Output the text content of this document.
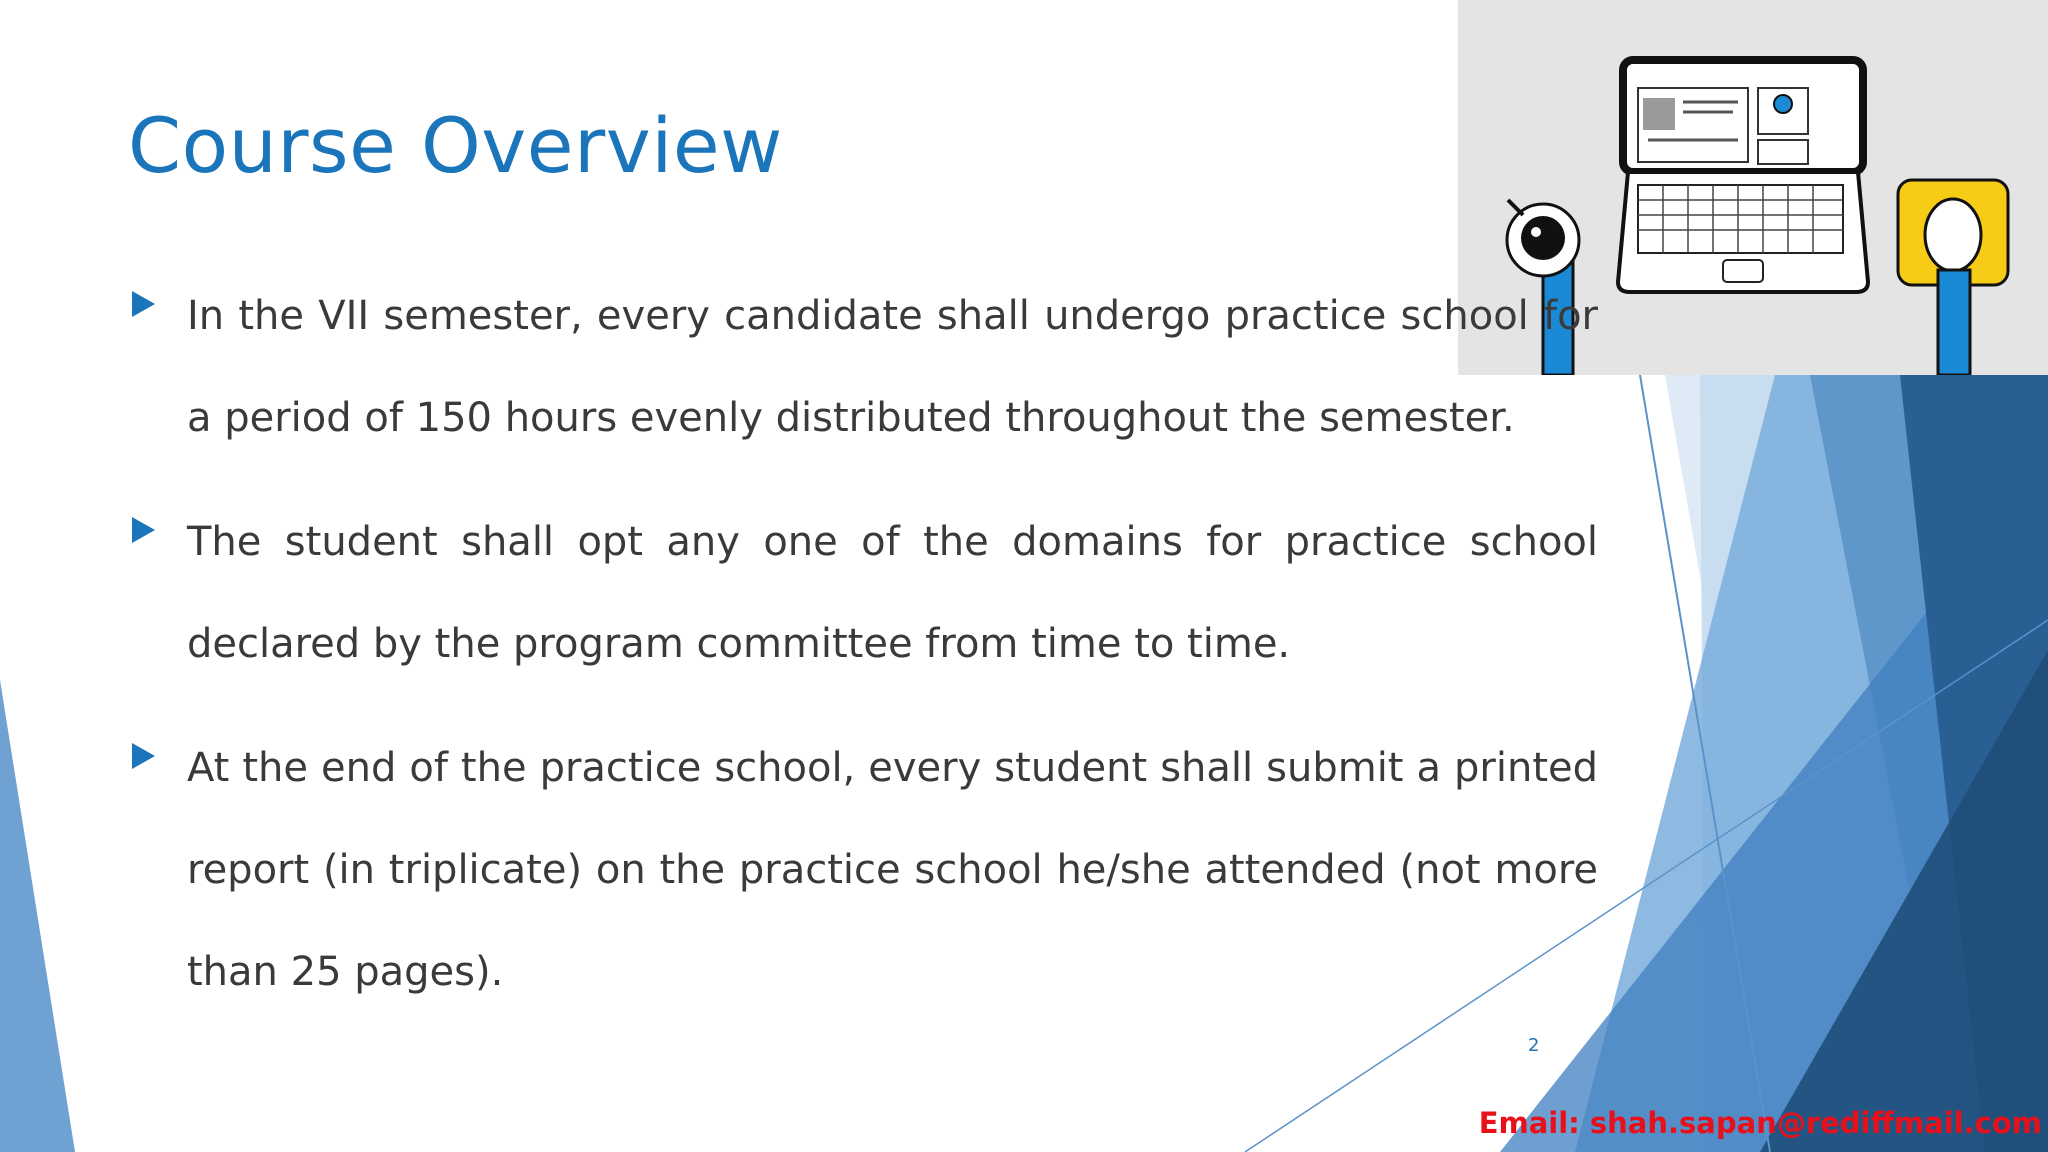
Course Overview
In the VII semester, every candidate shall undergo practice school for a period of 150 hours evenly distributed throughout the semester.
The student shall opt any one of the domains for practice school declared by the program committee from time to time.
At the end of the practice school, every student shall submit a printed report (in triplicate) on the practice school he/she attended (not more than 25 pages).
2
Email: shah.sapan@rediffmail.com
